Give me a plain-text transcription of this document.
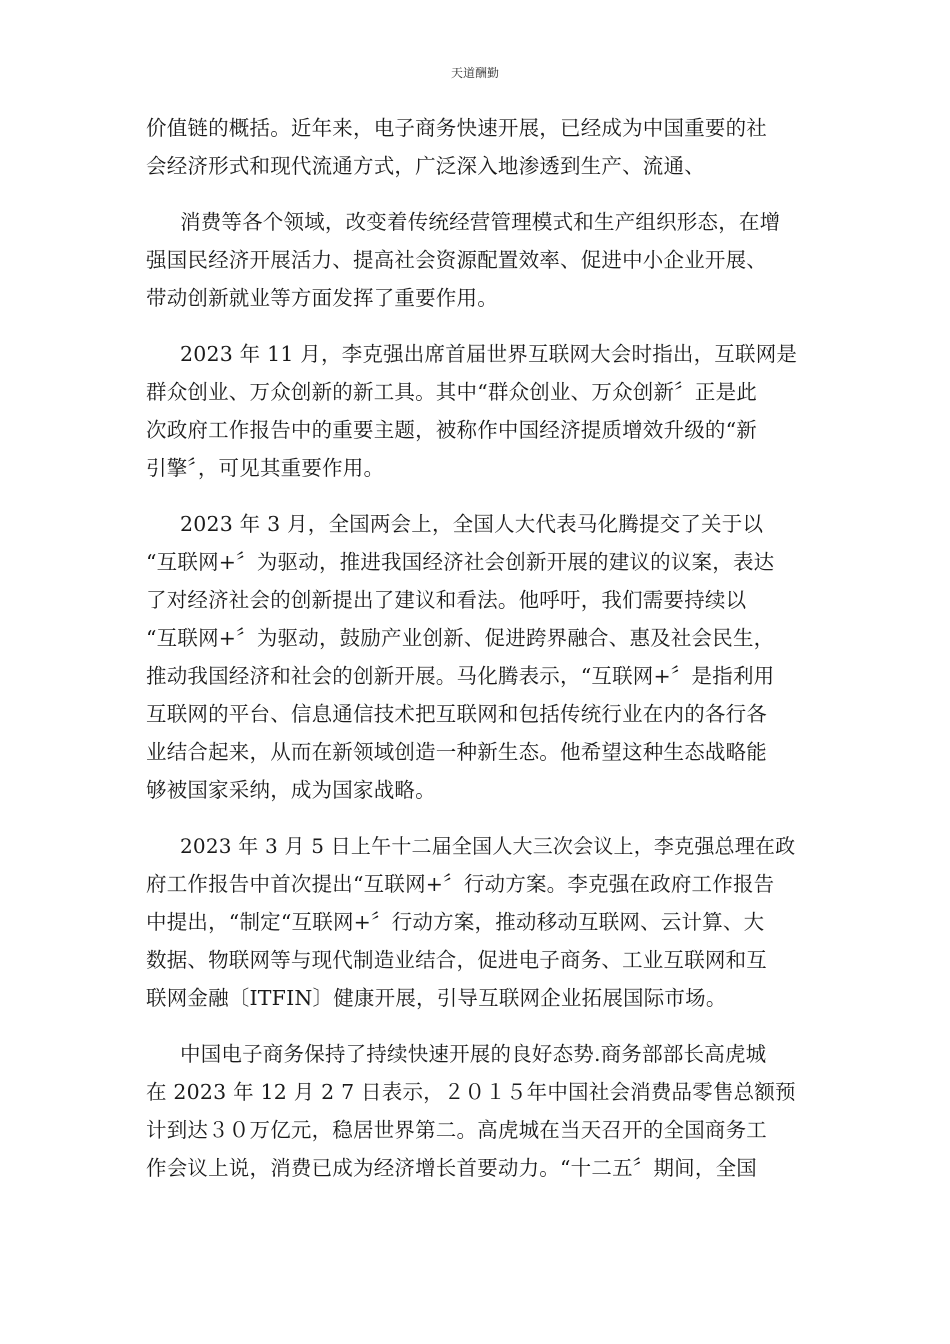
天道酬勤

价值链的概括。近年来，电子商务快速开展，已经成为中国重要的社

会经济形式和现代流通方式，广泛深入地渗透到生产、流通、

消费等各个领域，改变着传统经营管理模式和生产组织形态，在增

强国民经济开展活力、提高社会资源配置效率、促进中小企业开展、

带动创新就业等方面发挥了重要作用。

2023 年 11 月，李克强出席首届世界互联网大会时指出，互联网是

群众创业、万众创新的新工具。其中“群众创业、万众创新〞正是此

次政府工作报告中的重要主题，被称作中国经济提质增效升级的“新

引擎〞，可见其重要作用。

2023 年 3 月，全国两会上，全国人大代表马化腾提交了关于以

“互联网+〞为驱动，推进我国经济社会创新开展的建议的议案，表达

了对经济社会的创新提出了建议和看法。他呼吁，我们需要持续以

“互联网+〞为驱动，鼓励产业创新、促进跨界融合、惠及社会民生，

推动我国经济和社会的创新开展。马化腾表示，“互联网+〞是指利用

互联网的平台、信息通信技术把互联网和包括传统行业在内的各行各

业结合起来，从而在新领域创造一种新生态。他希望这种生态战略能

够被国家采纳，成为国家战略。

2023 年 3 月 5 日上午十二届全国人大三次会议上，李克强总理在政

府工作报告中首次提出“互联网+〞行动方案。李克强在政府工作报告

中提出，“制定“互联网+〞行动方案，推动移动互联网、云计算、大

数据、物联网等与现代制造业结合，促进电子商务、工业互联网和互

联网金融〔ITFIN〕健康开展，引导互联网企业拓展国际市场。

中国电子商务保持了持续快速开展的良好态势.商务部部长高虎城

在 2023 年 12 月 2 7 日表示，２０１５年中国社会消费品零售总额预

计到达３０万亿元，稳居世界第二。高虎城在当天召开的全国商务工

作会议上说，消费已成为经济增长首要动力。“十二五〞期间，全国
